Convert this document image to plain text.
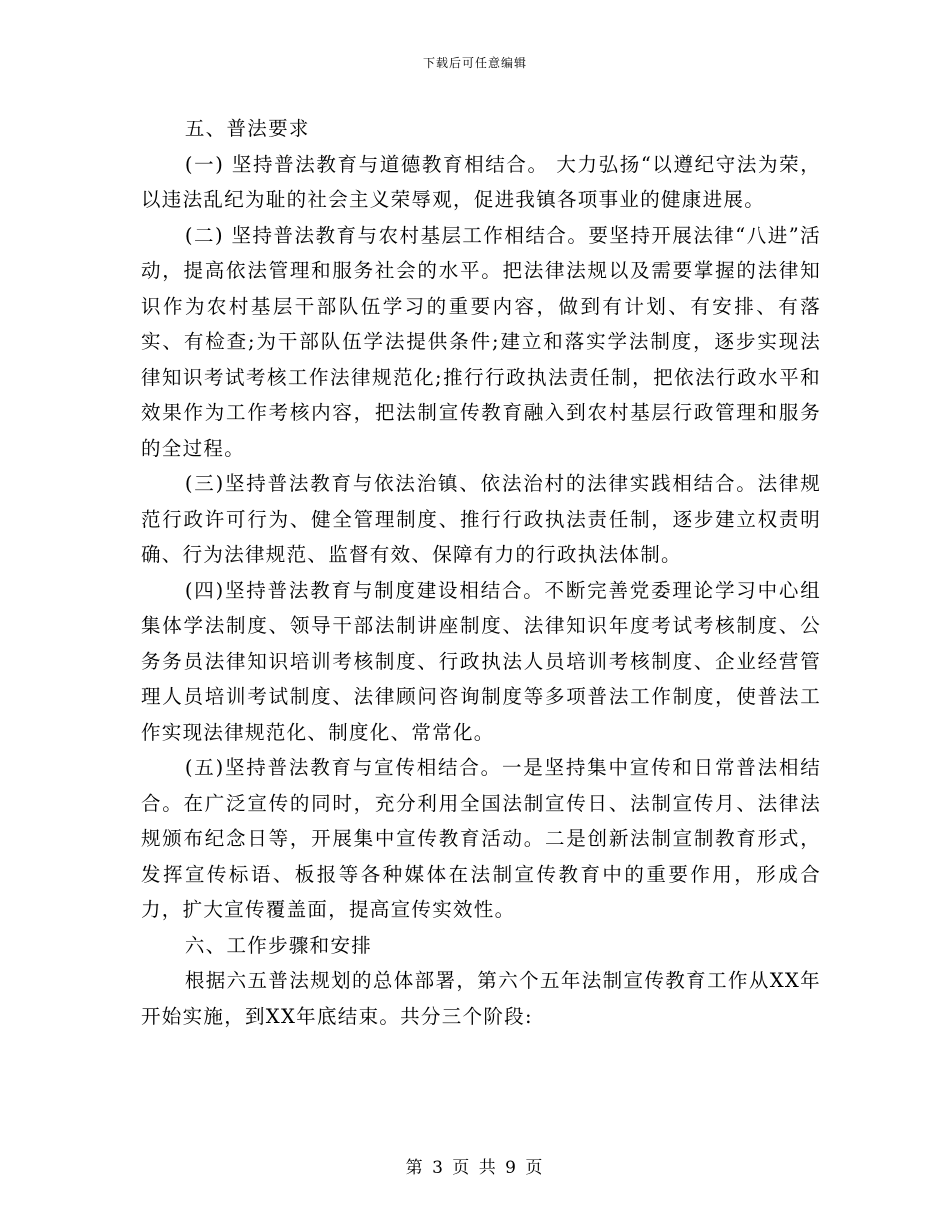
下载后可任意编辑

五、普法要求

(一) 坚持普法教育与道德教育相结合。 大力弘扬“以遵纪守法为荣，以违法乱纪为耻的社会主义荣辱观，促进我镇各项事业的健康进展。

(二) 坚持普法教育与农村基层工作相结合。要坚持开展法律“八进”活动，提高依法管理和服务社会的水平。把法律法规以及需要掌握的法律知识作为农村基层干部队伍学习的重要内容，做到有计划、有安排、有落实、有检查;为干部队伍学法提供条件;建立和落实学法制度，逐步实现法律知识考试考核工作法律规范化;推行行政执法责任制，把依法行政水平和效果作为工作考核内容，把法制宣传教育融入到农村基层行政管理和服务的全过程。

(三)坚持普法教育与依法治镇、依法治村的法律实践相结合。法律规范行政许可行为、健全管理制度、推行行政执法责任制，逐步建立权责明确、行为法律规范、监督有效、保障有力的行政执法体制。

(四)坚持普法教育与制度建设相结合。不断完善党委理论学习中心组集体学法制度、领导干部法制讲座制度、法律知识年度考试考核制度、公务务员法律知识培训考核制度、行政执法人员培训考核制度、企业经营管理人员培训考试制度、法律顾问咨询制度等多项普法工作制度，使普法工作实现法律规范化、制度化、常常化。

(五)坚持普法教育与宣传相结合。一是坚持集中宣传和日常普法相结合。在广泛宣传的同时，充分利用全国法制宣传日、法制宣传月、法律法规颁布纪念日等，开展集中宣传教育活动。二是创新法制宣制教育形式，发挥宣传标语、板报等各种媒体在法制宣传教育中的重要作用，形成合力，扩大宣传覆盖面，提高宣传实效性。

六、工作步骤和安排

根据六五普法规划的总体部署，第六个五年法制宣传教育工作从XX年开始实施，到XX年底结束。共分三个阶段:

第 3 页 共 9 页
